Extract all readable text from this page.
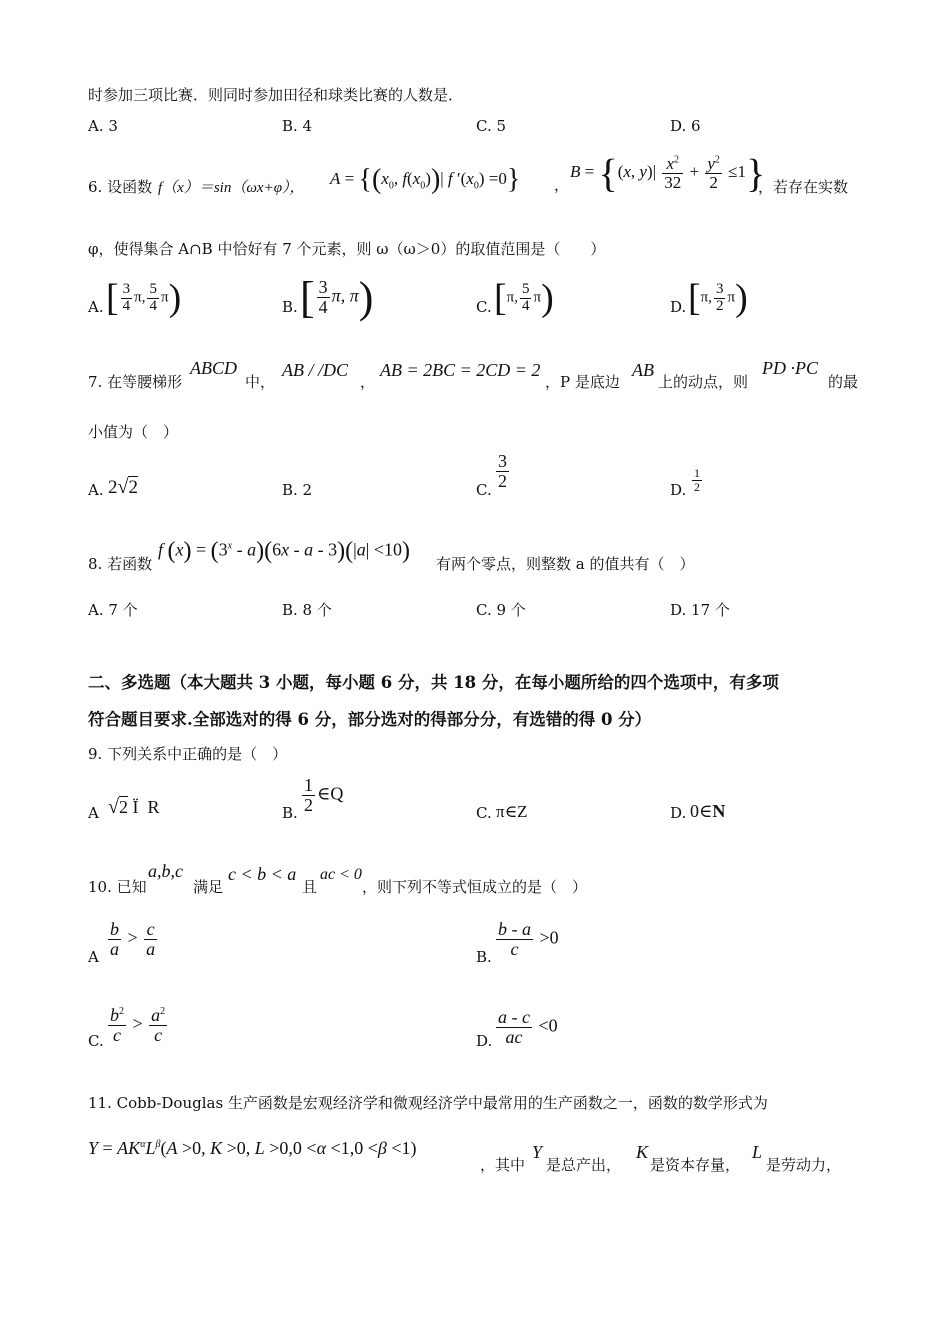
时参加三项比赛．则同时参加田径和球类比赛的人数是．
A. 3	B. 4	C. 5	D. 6
6. 设函数 f（x）＝sin（ωx+φ），
$A = \{(x_0$, $f(x_0))|$ f $'(x_0) =0$} ，
B = {(x, $y)| \frac{x^2}{32} + \frac{y^2}{2} \le 1$}
，若存在实数
φ，使得集合 A∩B 中恰好有 7 个元素，则 ω（ω＞0）的取值范围是（　　）
A. [ $\frac{3}{4} \pi$, $\frac{5}{4} \pi$)	B. [ $\frac{3}{4} \pi$, π)	C. [π, $\frac{5}{4} \pi$)	D. [π, $\frac{3}{2} \pi$)
7. 在等腰梯形
ABCD
中，
AB / /DC
，
AB = 2BC = 2CD = 2
，P 是底边
AB
上的动点，则
PD ·PC
的最
小值为（　）
A. 2√2	B. 2	C. $\frac{3}{2}$	D. $\frac{1}{2}$
8. 若函数
f $(x) = (3^x - a)(6x - a - 3)(|a| <10)$ 有两个零点，则整数 a 的值共有（　）
A. 7 个	B. 8 个	C. 9 个	D. 17 个
二、多选题（本大题共 3 小题，每小题 6 分，共 18 分，在每小题所给的四个选项中，有多项
符合题目要求.全部选对的得 6 分，部分选对的得部分分，有选错的得 0 分）
9. 下列关系中正确的是（　）
A √2 Ï  R	B. $\frac{1}{2}$ ∈Q
C. π∈Z	D. 0∈N
10. 已知
a,b,c
满足
c < b < a
且
ac < 0
，则下列不等式恒成立的是（　）
A $\frac{b}{a} > \frac{c}{a}$	B. $\frac{b - a}{c} >0$
C. $\frac{b^2}{c} > \frac{a^2}{c}$	D. $\frac{a - c}{ac} <0$
11. Cobb-Douglas 生产函数是宏观经济学和微观经济学中最常用的生产函数之一，函数的数学形式为
$Y = AK^\alpha L^\beta(A >0$, K >0, L >0,0 <α <1,0 <β <1)
，其中
Y
是总产出，
K
是资本存量，
L
是劳动力，
